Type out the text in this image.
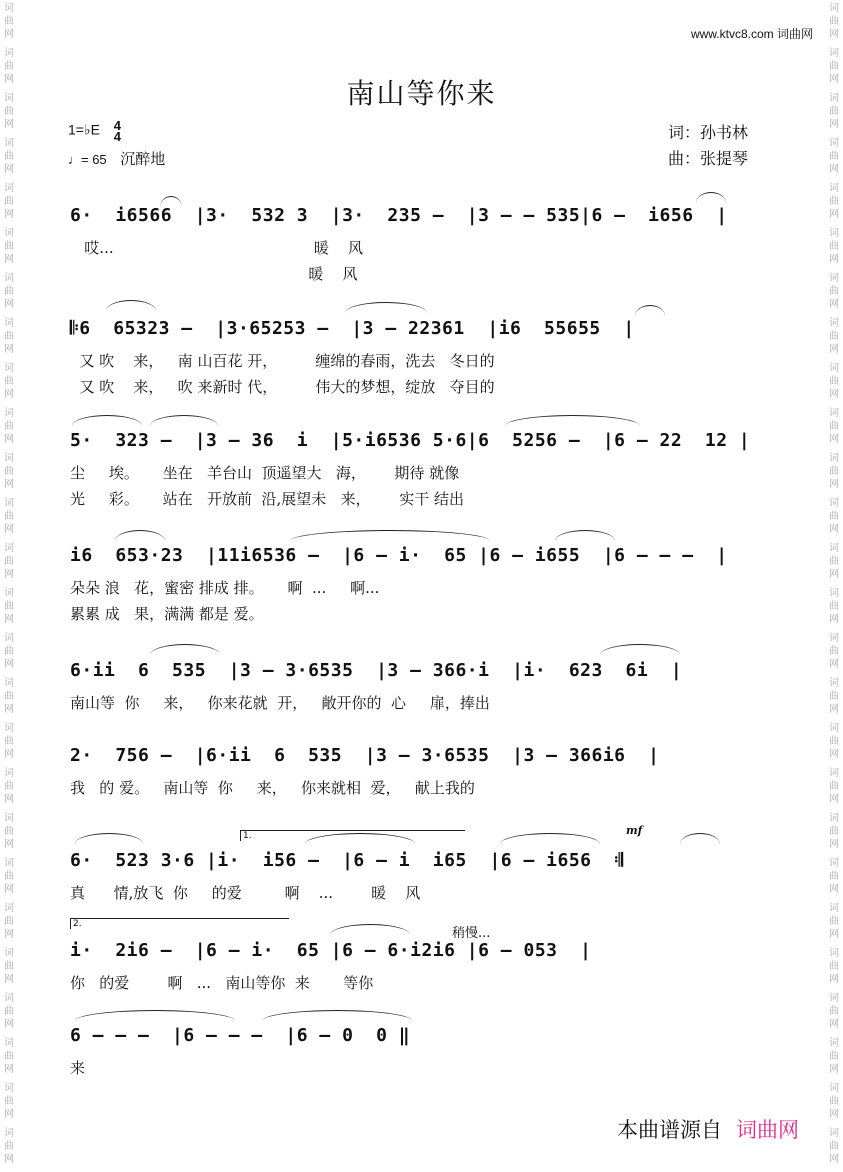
词曲网
词曲网
词曲网
词曲网
词曲网
词曲网
词曲网
词曲网
词曲网
词曲网
词曲网
词曲网
词曲网
词曲网
词曲网
词曲网
词曲网
词曲网
词曲网
词曲网
词曲网
词曲网
词曲网
词曲网
词曲网
词曲网
词曲网
词曲网
词曲网
词曲网
词曲网
词曲网
词曲网
词曲网
词曲网
词曲网
词曲网
词曲网
词曲网
词曲网
词曲网
词曲网
词曲网
词曲网
词曲网
词曲网
词曲网
词曲网
词曲网
词曲网
词曲网
词曲网
www.ktvc8.com 词曲网
南山等你来
1=♭E 4
4
♩= 65 沉醉地
词：孙书林
曲：张提琴
6·  i6566  |3·  532 3  |3·  235 –  |3 – – 535|6 –  i656  |
哎...                                          暖    风
暖    风
𝄆6  65323 –  |3·65253 –  |3 – 22361  |i6  55655  |
又 吹    来，   南 山百花 开，        缠绵的春雨，洗去   冬日的
又 吹    来，   吹 来新时 代，        伟大的梦想，绽放   夺目的
5·  323 –  |3 – 36  i  |5·i6536 5·6|6  5256 –  |6 – 22  12 |
尘     埃。     坐在   羊台山  顶遥望大   海，      期待 就像
光     彩。     站在   开放前  沿,展望未   来，      实干 结出
i6  653·23  |11i6536 –  |6 – i·  65 |6 – i655  |6 – – –  |
朵朵 浪   花，蜜密 排成 排。     啊  ...     啊...
累累 成   果，满满 都是 爱。
6·ii  6  535  |3 – 3·6535  |3 – 366·i  |i·  623  6i  |
南山等  你     来，   你来花就  开，   敞开你的  心     扉，捧出
2·  756 –  |6·ii  6  535  |3 – 3·6535  |3 – 366i6  |
我   的 爱。   南山等  你     来，   你来就相  爱，   献上我的
6·  523 3·6 |i·  i56 –  |6 – i  i65  |6 – i656  𝄇
真      情,放飞  你     的爱         啊    ...        暖    风
i·  2i6 –  |6 – i·  65 |6 – 6·i2i6 |6 – 053  |
你   的爱        啊   ...   南山等你  来       等你
6 – – –  |6 – – –  |6 – 0  0 ‖
来
1.
2.
稍慢...
mf
本曲谱源自 词曲网
